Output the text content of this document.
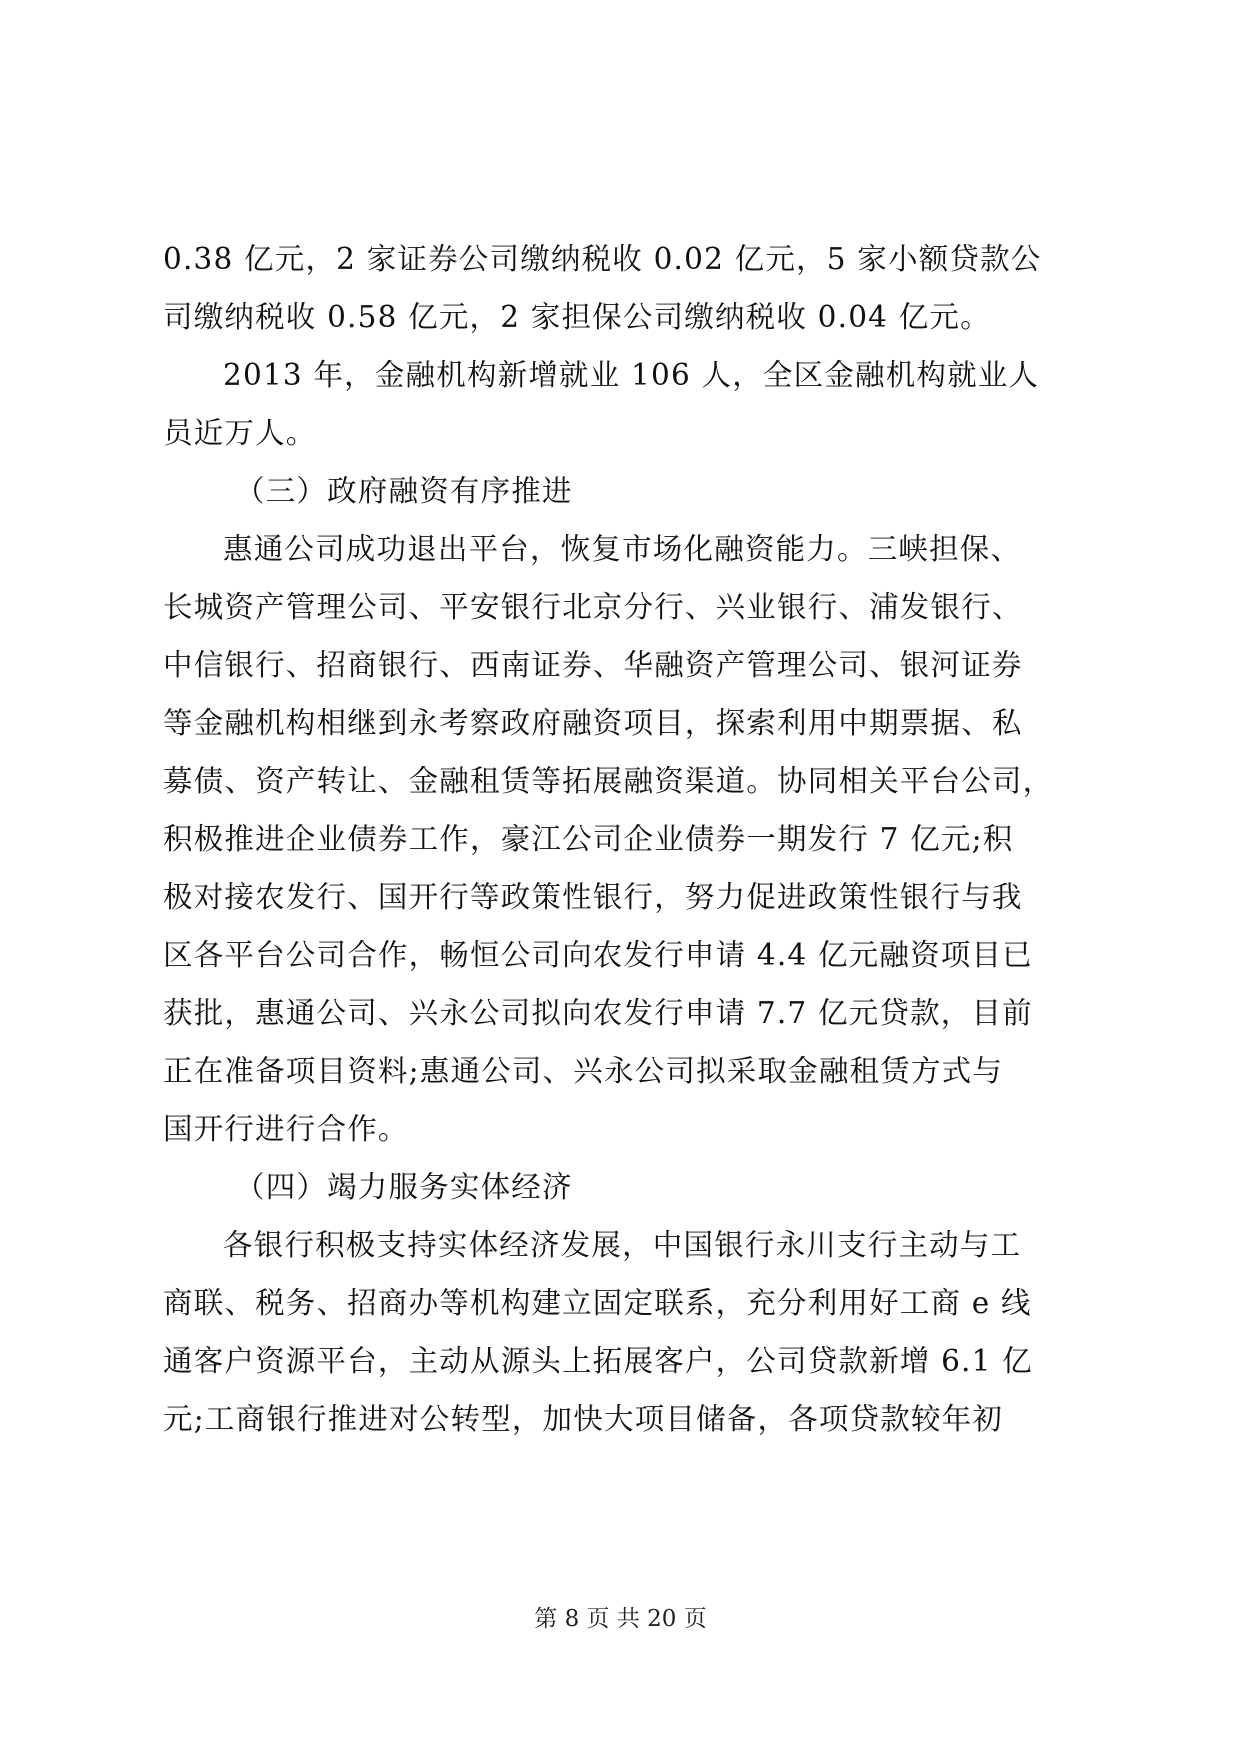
0.38 亿元，2 家证券公司缴纳税收 0.02 亿元，5 家小额贷款公
司缴纳税收 0.58 亿元，2 家担保公司缴纳税收 0.04 亿元。
2013 年，金融机构新增就业 106 人，全区金融机构就业人
员近万人。
（三）政府融资有序推进
惠通公司成功退出平台，恢复市场化融资能力。三峡担保、
长城资产管理公司、平安银行北京分行、兴业银行、浦发银行、
中信银行、招商银行、西南证券、华融资产管理公司、银河证券
等金融机构相继到永考察政府融资项目，探索利用中期票据、私
募债、资产转让、金融租赁等拓展融资渠道。协同相关平台公司，
积极推进企业债券工作，豪江公司企业债券一期发行 7 亿元;积
极对接农发行、国开行等政策性银行，努力促进政策性银行与我
区各平台公司合作，畅恒公司向农发行申请 4.4 亿元融资项目已
获批，惠通公司、兴永公司拟向农发行申请 7.7 亿元贷款，目前
正在准备项目资料;惠通公司、兴永公司拟采取金融租赁方式与
国开行进行合作。
（四）竭力服务实体经济
各银行积极支持实体经济发展，中国银行永川支行主动与工
商联、税务、招商办等机构建立固定联系，充分利用好工商 e 线
通客户资源平台，主动从源头上拓展客户，公司贷款新增 6.1 亿
元;工商银行推进对公转型，加快大项目储备，各项贷款较年初
第 8 页 共 20 页
